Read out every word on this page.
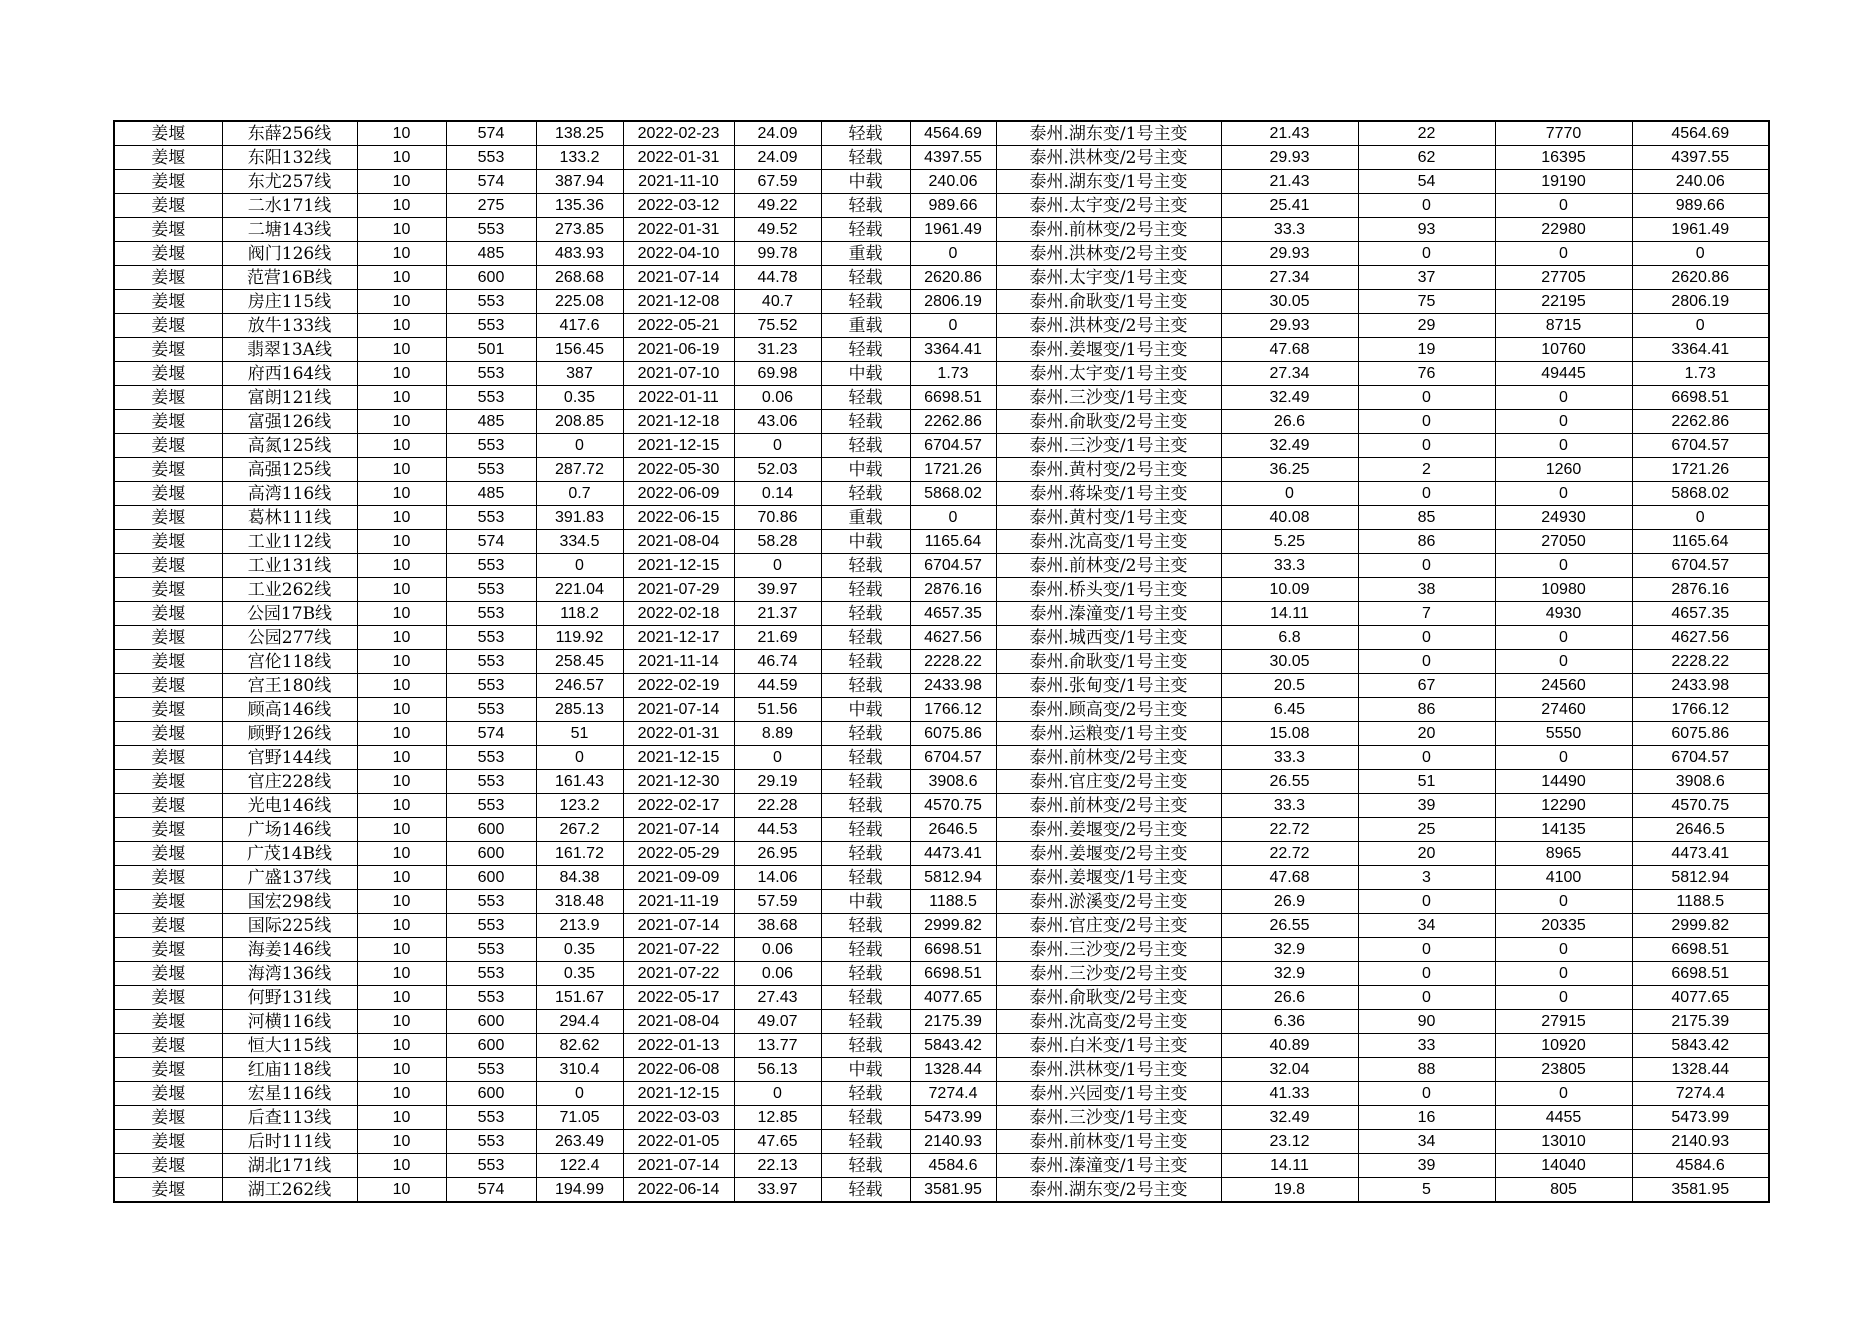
姜堰	东薛256线	10	574	138.25	2022-02-23	24.09	轻载	4564.69	泰州.湖东变/1号主变	21.43	22	7770	4564.69
姜堰	东阳132线	10	553	133.2	2022-01-31	24.09	轻载	4397.55	泰州.洪林变/2号主变	29.93	62	16395	4397.55
姜堰	东尤257线	10	574	387.94	2021-11-10	67.59	中载	240.06	泰州.湖东变/1号主变	21.43	54	19190	240.06
姜堰	二水171线	10	275	135.36	2022-03-12	49.22	轻载	989.66	泰州.太宇变/2号主变	25.41	0	0	989.66
姜堰	二塘143线	10	553	273.85	2022-01-31	49.52	轻载	1961.49	泰州.前林变/2号主变	33.3	93	22980	1961.49
姜堰	阀门126线	10	485	483.93	2022-04-10	99.78	重载	0	泰州.洪林变/2号主变	29.93	0	0	0
姜堰	范营16B线	10	600	268.68	2021-07-14	44.78	轻载	2620.86	泰州.太宇变/1号主变	27.34	37	27705	2620.86
姜堰	房庄115线	10	553	225.08	2021-12-08	40.7	轻载	2806.19	泰州.俞耿变/1号主变	30.05	75	22195	2806.19
姜堰	放牛133线	10	553	417.6	2022-05-21	75.52	重载	0	泰州.洪林变/2号主变	29.93	29	8715	0
姜堰	翡翠13A线	10	501	156.45	2021-06-19	31.23	轻载	3364.41	泰州.姜堰变/1号主变	47.68	19	10760	3364.41
姜堰	府西164线	10	553	387	2021-07-10	69.98	中载	1.73	泰州.太宇变/1号主变	27.34	76	49445	1.73
姜堰	富朗121线	10	553	0.35	2022-01-11	0.06	轻载	6698.51	泰州.三沙变/1号主变	32.49	0	0	6698.51
姜堰	富强126线	10	485	208.85	2021-12-18	43.06	轻载	2262.86	泰州.俞耿变/2号主变	26.6	0	0	2262.86
姜堰	高氮125线	10	553	0	2021-12-15	0	轻载	6704.57	泰州.三沙变/1号主变	32.49	0	0	6704.57
姜堰	高强125线	10	553	287.72	2022-05-30	52.03	中载	1721.26	泰州.黄村变/2号主变	36.25	2	1260	1721.26
姜堰	高湾116线	10	485	0.7	2022-06-09	0.14	轻载	5868.02	泰州.蒋垛变/1号主变	0	0	0	5868.02
姜堰	葛林111线	10	553	391.83	2022-06-15	70.86	重载	0	泰州.黄村变/1号主变	40.08	85	24930	0
姜堰	工业112线	10	574	334.5	2021-08-04	58.28	中载	1165.64	泰州.沈高变/1号主变	5.25	86	27050	1165.64
姜堰	工业131线	10	553	0	2021-12-15	0	轻载	6704.57	泰州.前林变/2号主变	33.3	0	0	6704.57
姜堰	工业262线	10	553	221.04	2021-07-29	39.97	轻载	2876.16	泰州.桥头变/1号主变	10.09	38	10980	2876.16
姜堰	公园17B线	10	553	118.2	2022-02-18	21.37	轻载	4657.35	泰州.溱潼变/1号主变	14.11	7	4930	4657.35
姜堰	公园277线	10	553	119.92	2021-12-17	21.69	轻载	4627.56	泰州.城西变/1号主变	6.8	0	0	4627.56
姜堰	宫伦118线	10	553	258.45	2021-11-14	46.74	轻载	2228.22	泰州.俞耿变/1号主变	30.05	0	0	2228.22
姜堰	宫王180线	10	553	246.57	2022-02-19	44.59	轻载	2433.98	泰州.张甸变/1号主变	20.5	67	24560	2433.98
姜堰	顾高146线	10	553	285.13	2021-07-14	51.56	中载	1766.12	泰州.顾高变/2号主变	6.45	86	27460	1766.12
姜堰	顾野126线	10	574	51	2022-01-31	8.89	轻载	6075.86	泰州.运粮变/1号主变	15.08	20	5550	6075.86
姜堰	官野144线	10	553	0	2021-12-15	0	轻载	6704.57	泰州.前林变/2号主变	33.3	0	0	6704.57
姜堰	官庄228线	10	553	161.43	2021-12-30	29.19	轻载	3908.6	泰州.官庄变/2号主变	26.55	51	14490	3908.6
姜堰	光电146线	10	553	123.2	2022-02-17	22.28	轻载	4570.75	泰州.前林变/2号主变	33.3	39	12290	4570.75
姜堰	广场146线	10	600	267.2	2021-07-14	44.53	轻载	2646.5	泰州.姜堰变/2号主变	22.72	25	14135	2646.5
姜堰	广茂14B线	10	600	161.72	2022-05-29	26.95	轻载	4473.41	泰州.姜堰变/2号主变	22.72	20	8965	4473.41
姜堰	广盛137线	10	600	84.38	2021-09-09	14.06	轻载	5812.94	泰州.姜堰变/1号主变	47.68	3	4100	5812.94
姜堰	国宏298线	10	553	318.48	2021-11-19	57.59	中载	1188.5	泰州.淤溪变/2号主变	26.9	0	0	1188.5
姜堰	国际225线	10	553	213.9	2021-07-14	38.68	轻载	2999.82	泰州.官庄变/2号主变	26.55	34	20335	2999.82
姜堰	海姜146线	10	553	0.35	2021-07-22	0.06	轻载	6698.51	泰州.三沙变/2号主变	32.9	0	0	6698.51
姜堰	海湾136线	10	553	0.35	2021-07-22	0.06	轻载	6698.51	泰州.三沙变/2号主变	32.9	0	0	6698.51
姜堰	何野131线	10	553	151.67	2022-05-17	27.43	轻载	4077.65	泰州.俞耿变/2号主变	26.6	0	0	4077.65
姜堰	河横116线	10	600	294.4	2021-08-04	49.07	轻载	2175.39	泰州.沈高变/2号主变	6.36	90	27915	2175.39
姜堰	恒大115线	10	600	82.62	2022-01-13	13.77	轻载	5843.42	泰州.白米变/1号主变	40.89	33	10920	5843.42
姜堰	红庙118线	10	553	310.4	2022-06-08	56.13	中载	1328.44	泰州.洪林变/1号主变	32.04	88	23805	1328.44
姜堰	宏星116线	10	600	0	2021-12-15	0	轻载	7274.4	泰州.兴园变/1号主变	41.33	0	0	7274.4
姜堰	后查113线	10	553	71.05	2022-03-03	12.85	轻载	5473.99	泰州.三沙变/1号主变	32.49	16	4455	5473.99
姜堰	后时111线	10	553	263.49	2022-01-05	47.65	轻载	2140.93	泰州.前林变/1号主变	23.12	34	13010	2140.93
姜堰	湖北171线	10	553	122.4	2021-07-14	22.13	轻载	4584.6	泰州.溱潼变/1号主变	14.11	39	14040	4584.6
姜堰	湖工262线	10	574	194.99	2022-06-14	33.97	轻载	3581.95	泰州.湖东变/2号主变	19.8	5	805	3581.95
